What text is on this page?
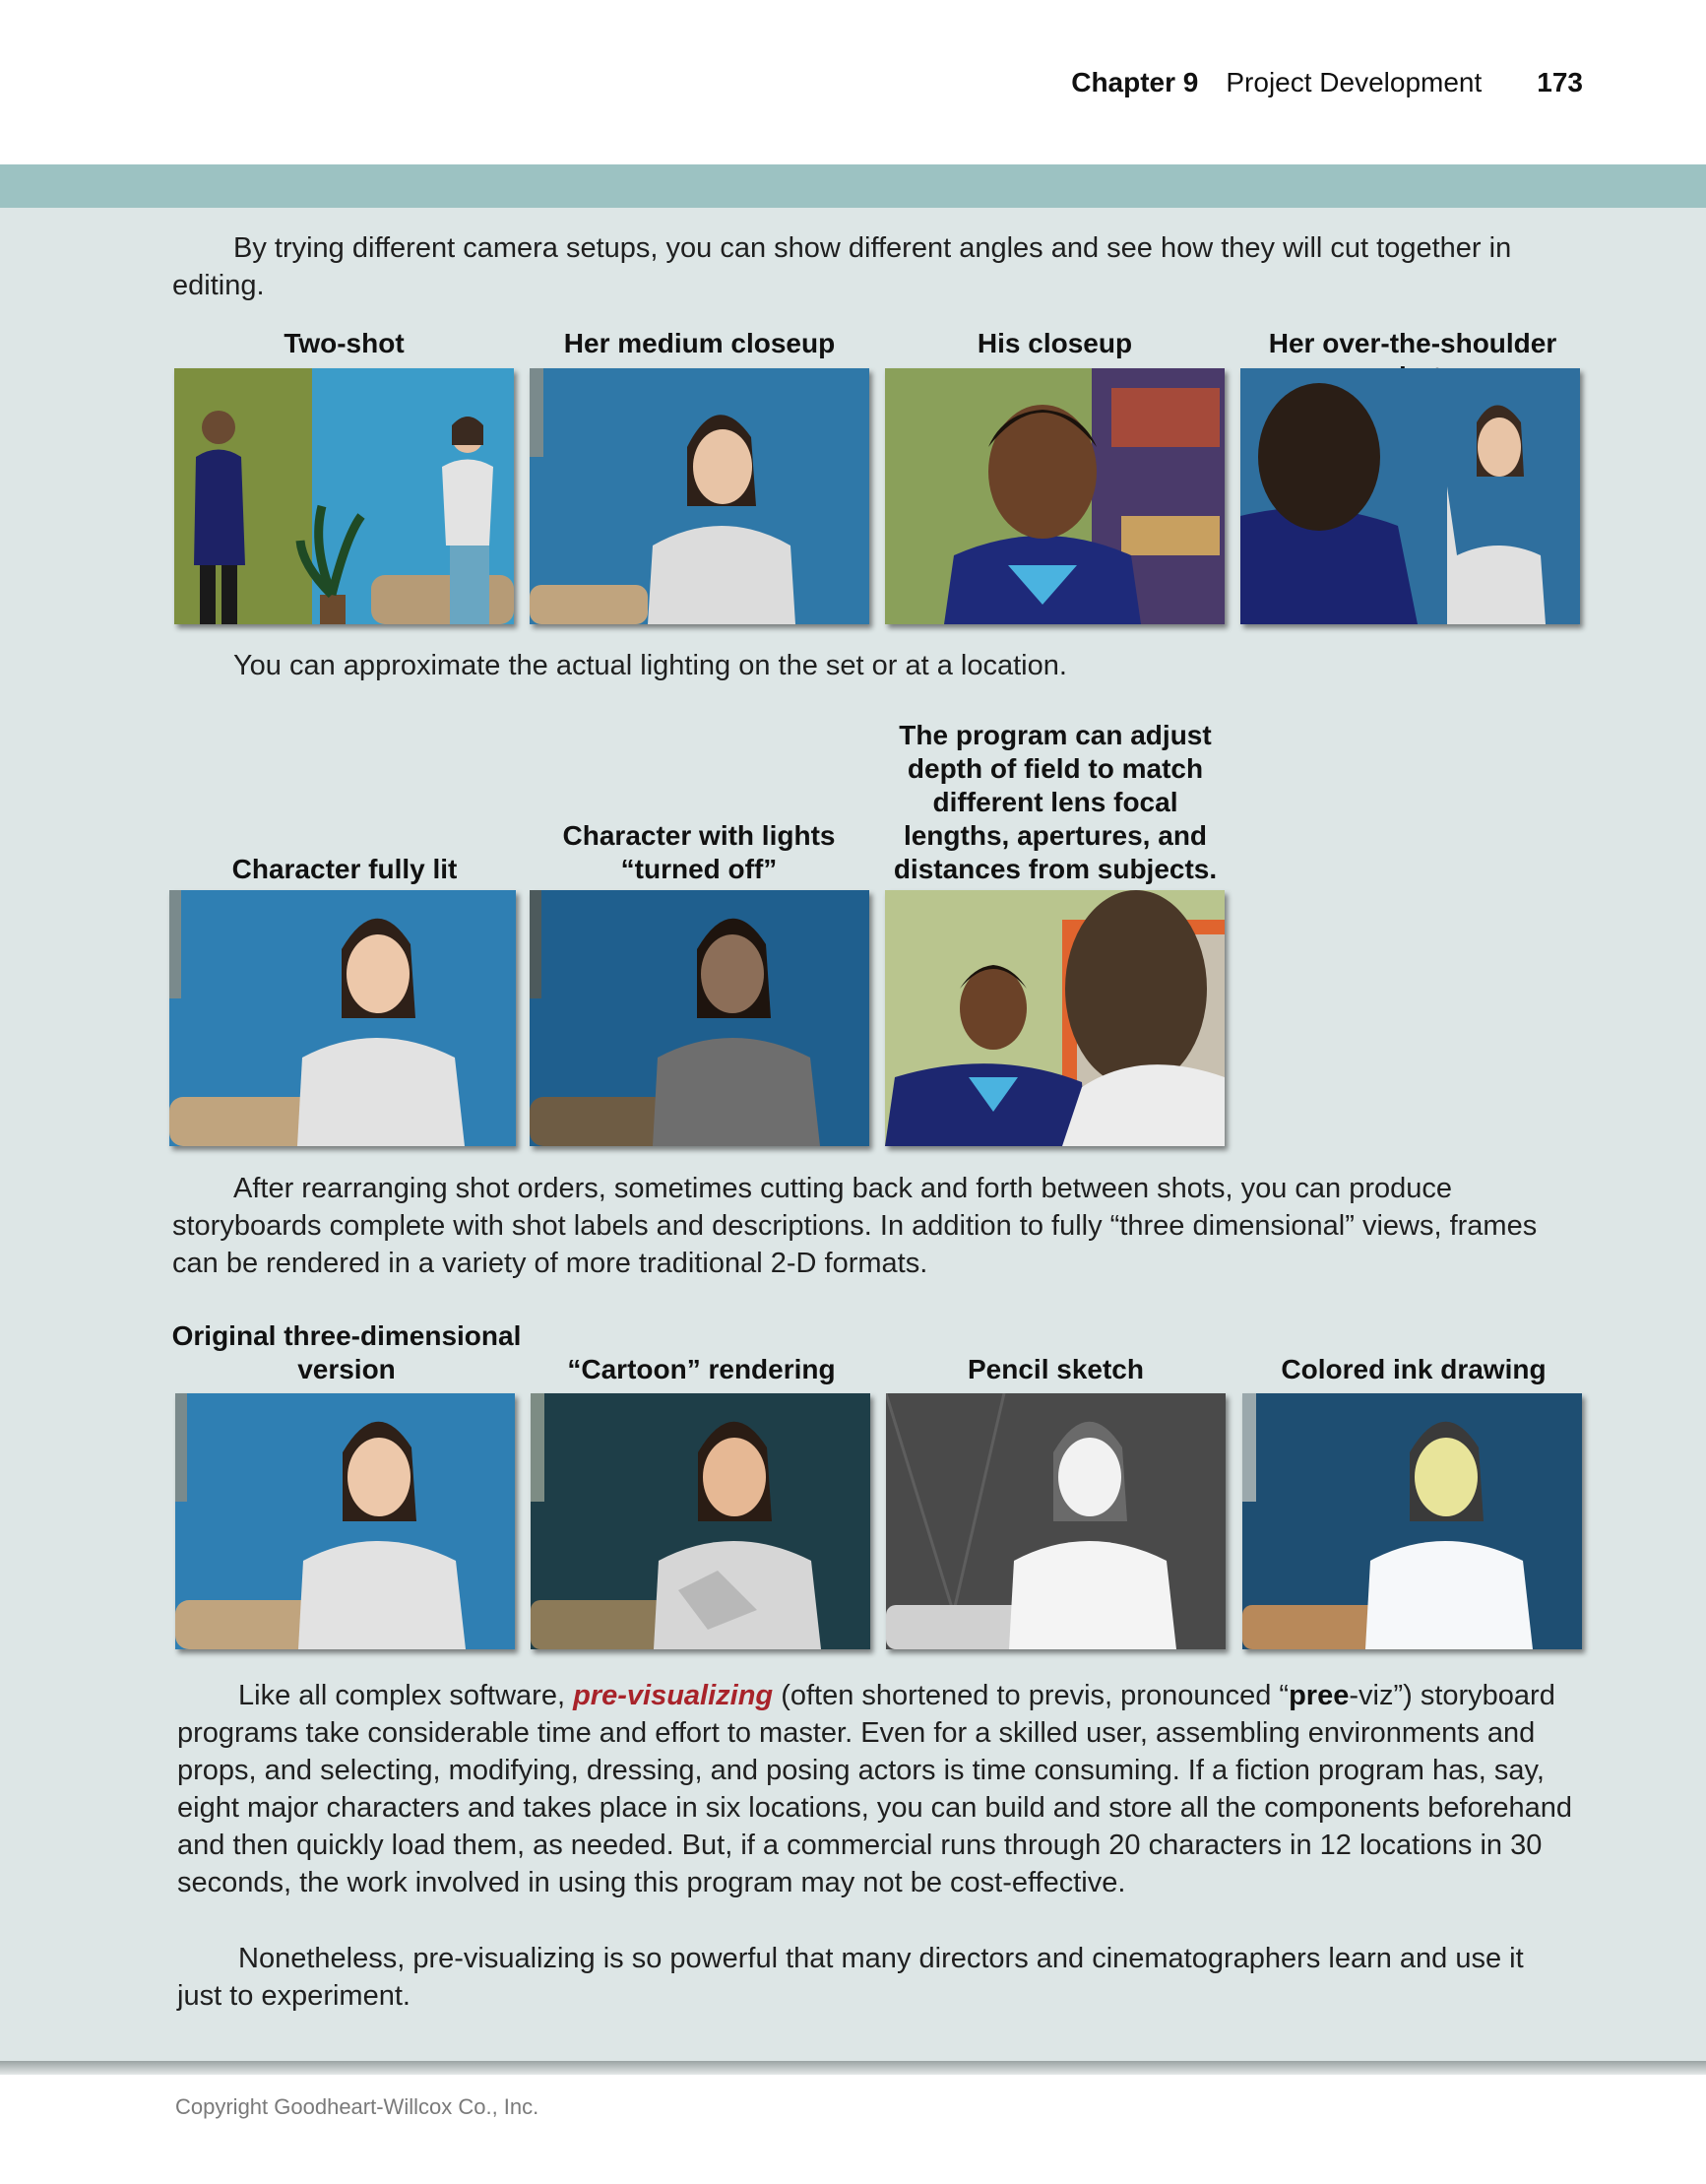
Chapter 9 Project Development 173

By trying different camera setups, you can show different angles and see how they will cut together in editing.

Two-shot	Her medium closeup	His closeup	Her over-the-shoulder

You can approximate the actual lighting on the set or at a location.

Character fully lit

Character with lights “turned off”

The program can adjust depth of field to match different lens focal lengths, apertures, and distances from subjects.

After rearranging shot orders, sometimes cutting back and forth between shots, you can produce storyboards complete with shot labels and descriptions. In addition to fully “three dimensional” views, frames can be rendered in a variety of more traditional 2-D formats.

Original three-dimensional version	“Cartoon” rendering	Pencil sketch	Colored ink drawing

Like all complex software, pre-visualizing (often shortened to previs, pronounced “pree-viz”) storyboard programs take considerable time and effort to master. Even for a skilled user, assembling environments and props, and selecting, modifying, dressing, and posing actors is time consuming. If a fiction program has, say, eight major characters and takes place in six locations, you can build and store all the components beforehand and then quickly load them, as needed. But, if a commercial runs through 20 characters in 12 locations in 30 seconds, the work involved in using this program may not be cost-effective.

Nonetheless, pre-visualizing is so powerful that many directors and cinematographers learn and use it just to experiment.

Copyright Goodheart-Willcox Co., Inc.
